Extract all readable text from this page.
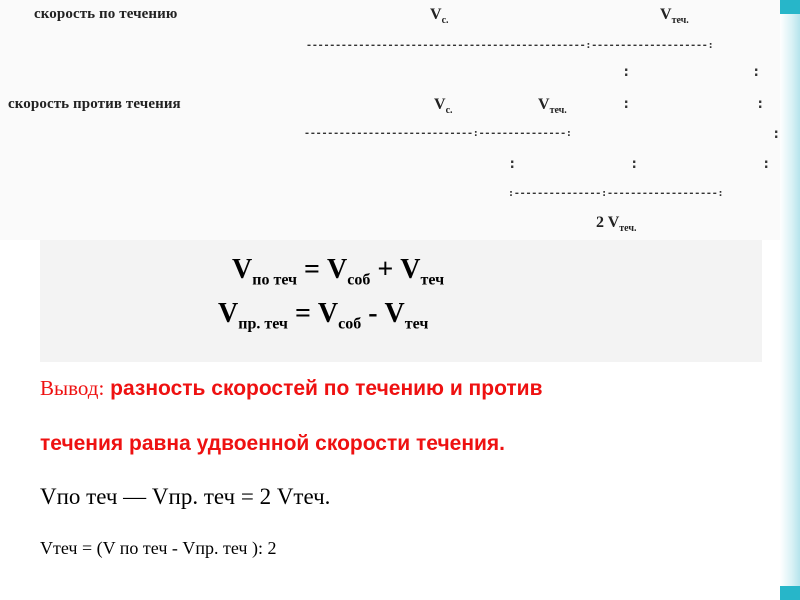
скорость по течению
скорость против течения
$V_{c.}$	$V_{теч.}$
------------------------------------------------:--------------------:
:	:
$V_{c.}$	$V_{теч.}$	:	:
-----------------------------:---------------:	:
:	:	:
:---------------:-------------------:
2 $V_{теч.}$
$V_{по теч} = V_{соб} + V_{теч}$
$V_{пр. теч} = V_{соб} - V_{теч}$
Вывод: разность скоростей по течению и против
течения равна удвоенной скорости течения.
Vпо теч — Vпр. теч = 2 Vтеч.
Vтеч = (V по теч - Vпр. теч ): 2
